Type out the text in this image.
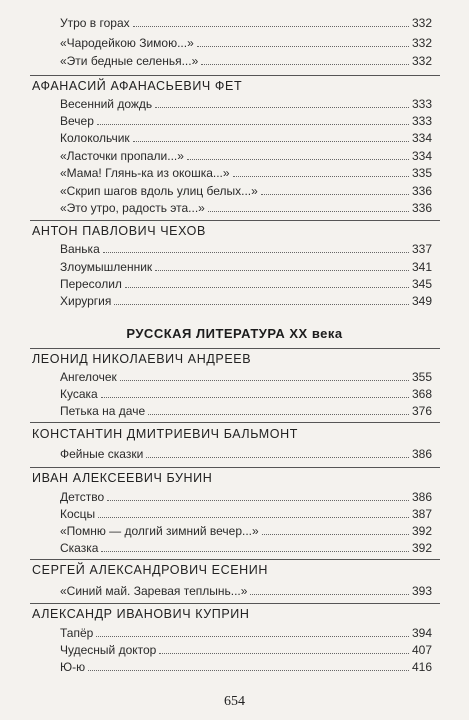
Утро в горах	332
«Чародейкою Зимою...»	332
«Эти бедные селенья...»	332
АФАНАСИЙ АФАНАСЬЕВИЧ ФЕТ
Весенний дождь	333
Вечер	333
Колокольчик	334
«Ласточки пропали...»	334
«Мама! Глянь-ка из окошка...»	335
«Скрип шагов вдоль улиц белых...»	336
«Это утро, радость эта...»	336
АНТОН ПАВЛОВИЧ ЧЕХОВ
Ванька	337
Злоумышленник	341
Пересолил	345
Хирургия	349
РУССКАЯ ЛИТЕРАТУРА XX века
ЛЕОНИД НИКОЛАЕВИЧ АНДРЕЕВ
Ангелочек	355
Кусака	368
Петька на даче	376
КОНСТАНТИН ДМИТРИЕВИЧ БАЛЬМОНТ
Фейные сказки	386
ИВАН АЛЕКСЕЕВИЧ БУНИН
Детство	386
Косцы	387
«Помню — долгий зимний вечер...»	392
Сказка	392
СЕРГЕЙ АЛЕКСАНДРОВИЧ ЕСЕНИН
«Синий май. Заревая теплынь...»	393
АЛЕКСАНДР ИВАНОВИЧ КУПРИН
Тапёр	394
Чудесный доктор	407
Ю-ю	416
654
